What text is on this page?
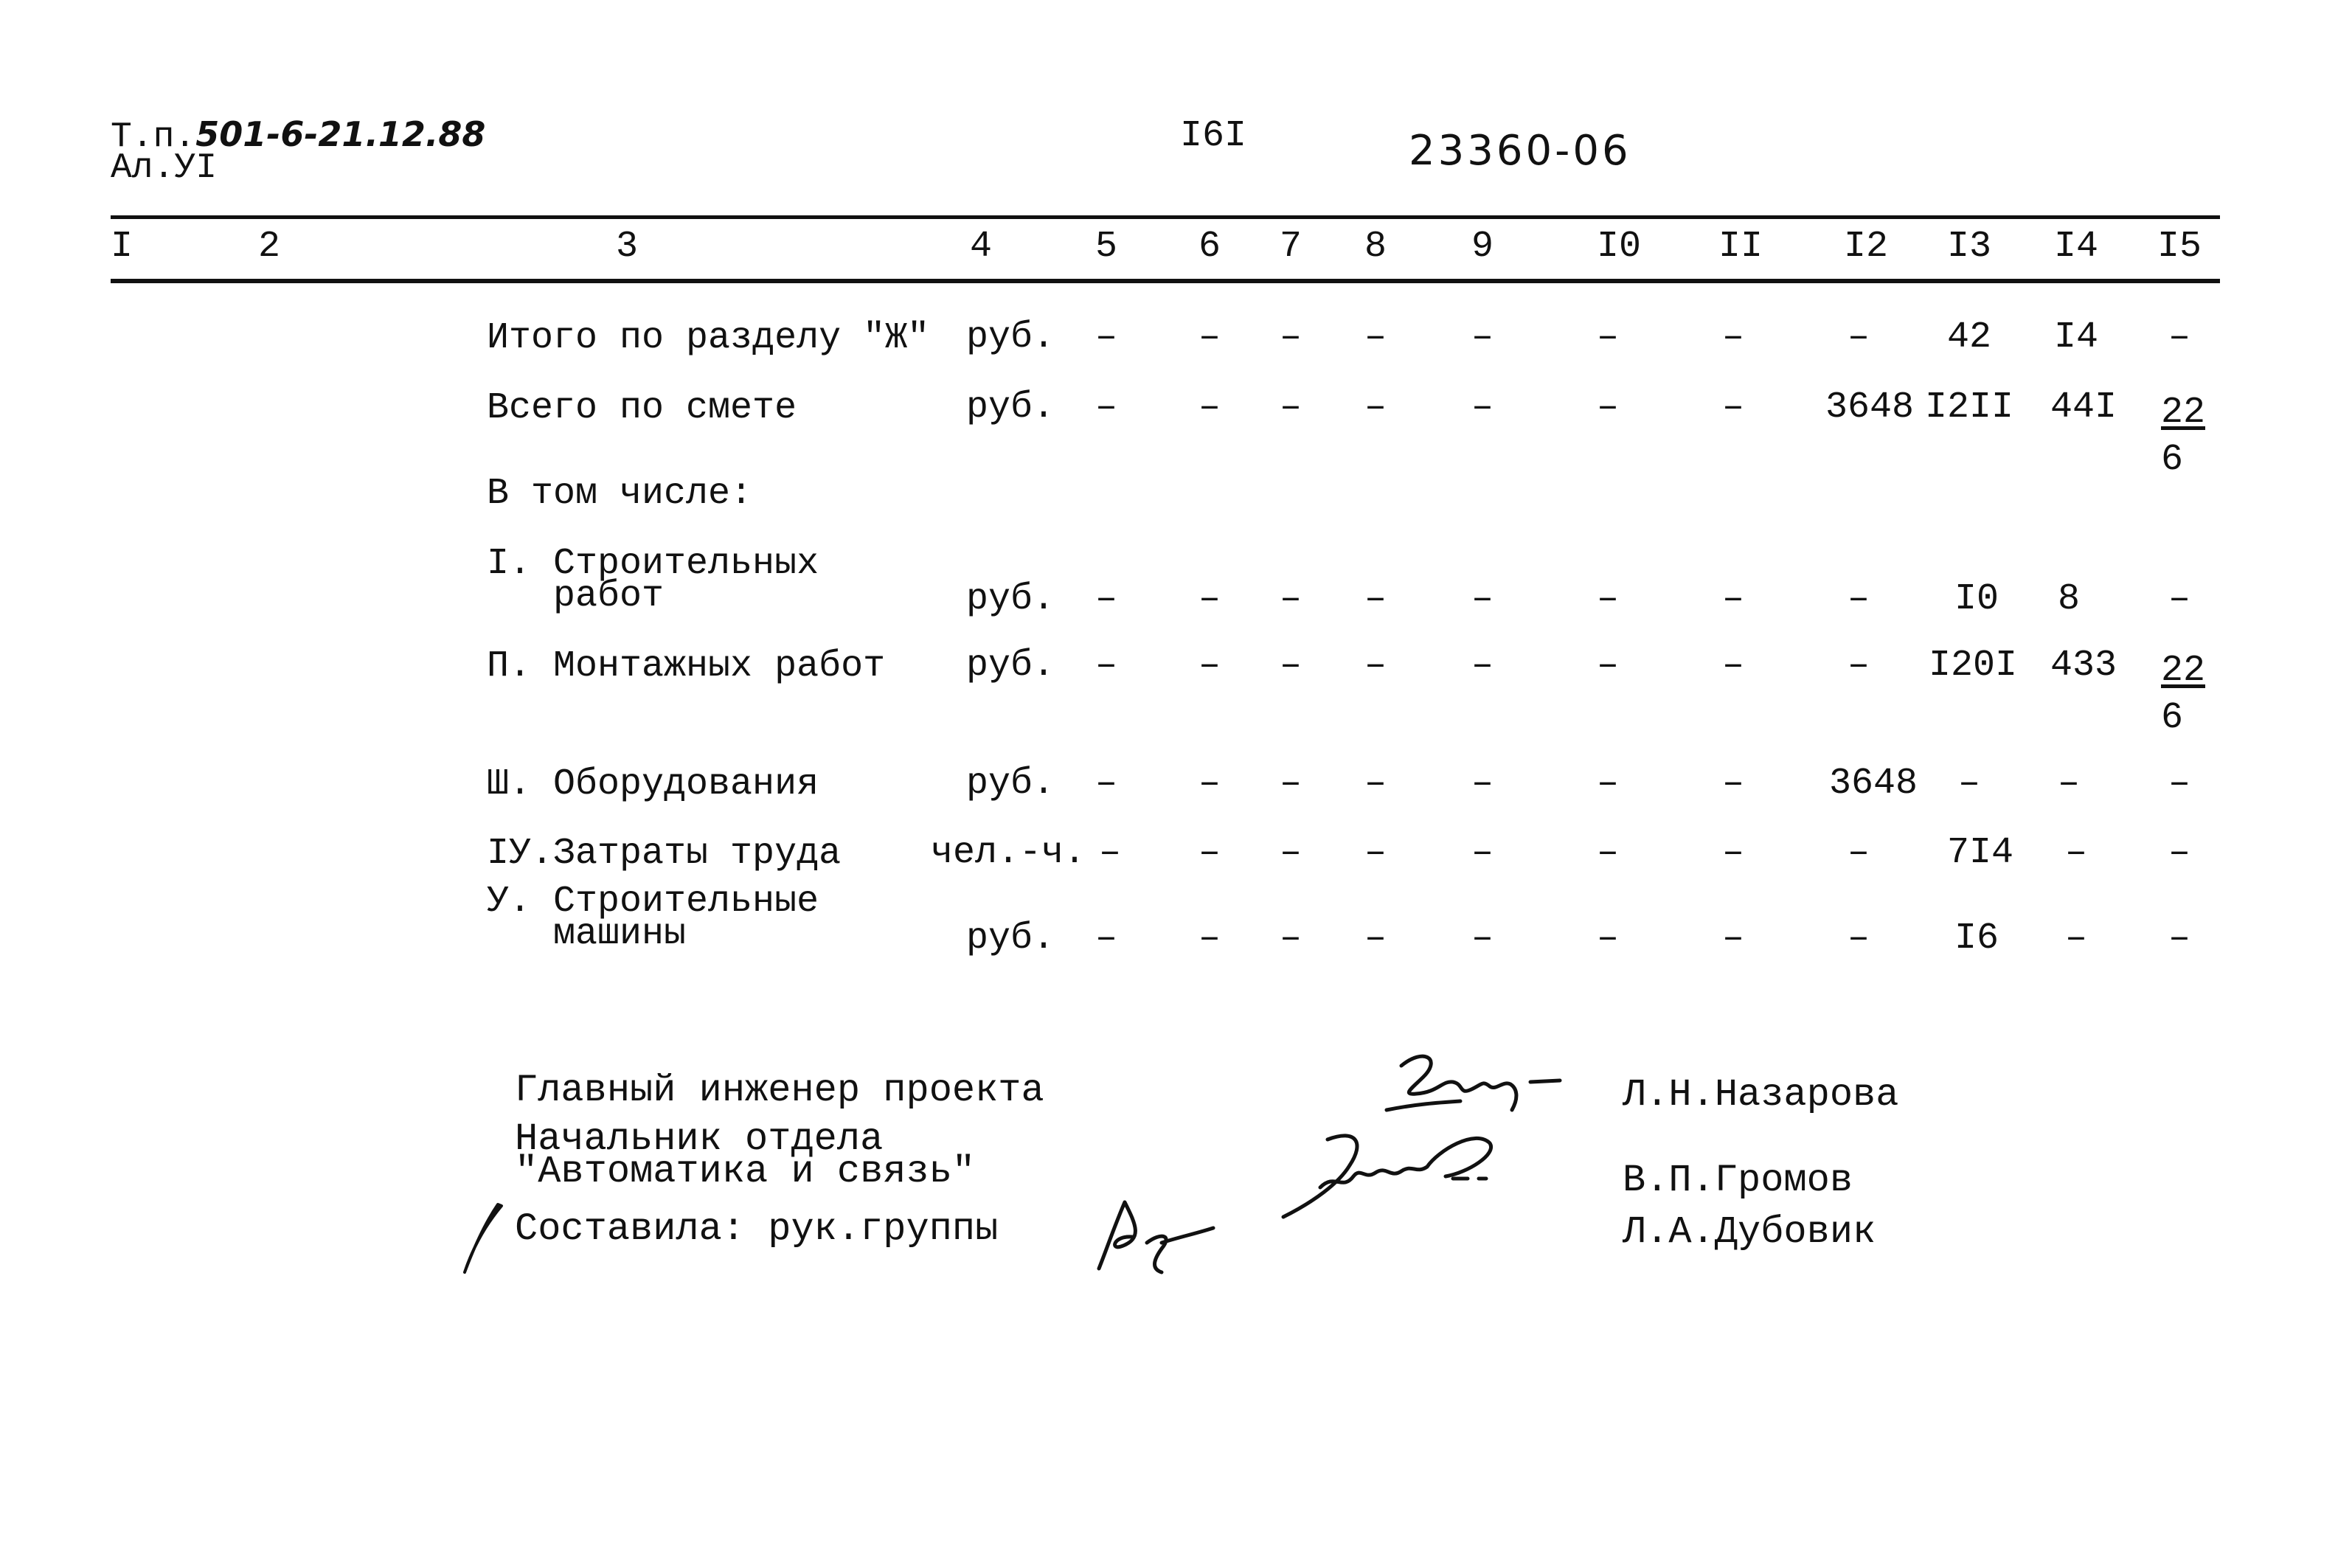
Т.п.501-6-21.12.88
Ал.УI
I6I	23360-06
I	2	3	4	5 6 7 8 9	I0 II I2 I3 I4 I5
Итого по разделу "Ж" руб. – – – – –	–	–	– 42 I4 –
Всего по смете	руб. – – – – –	–	– 3648 I2II 44I 22
6
В том числе:
I. Строительных
работ	руб. – – – – –	–	–	– I0 8 –
П. Монтажных работ руб. – – – – –	–	–	– I20I 433 22
6
Ш. Оборудования	руб. – – – – –	–	– 3648 – – –
IУ.Затраты труда чел.-ч. – – – – –	–	–	– 7I4 – –
У. Строительные
машины	руб. – – – – –	–	–	– I6 – –
Главный инженер проекта	Л.Н.Назарова
Начальник отдела
"Автоматика и связь"	В.П.Громов
Составила: рук.группы	Л.А.Дубовик
